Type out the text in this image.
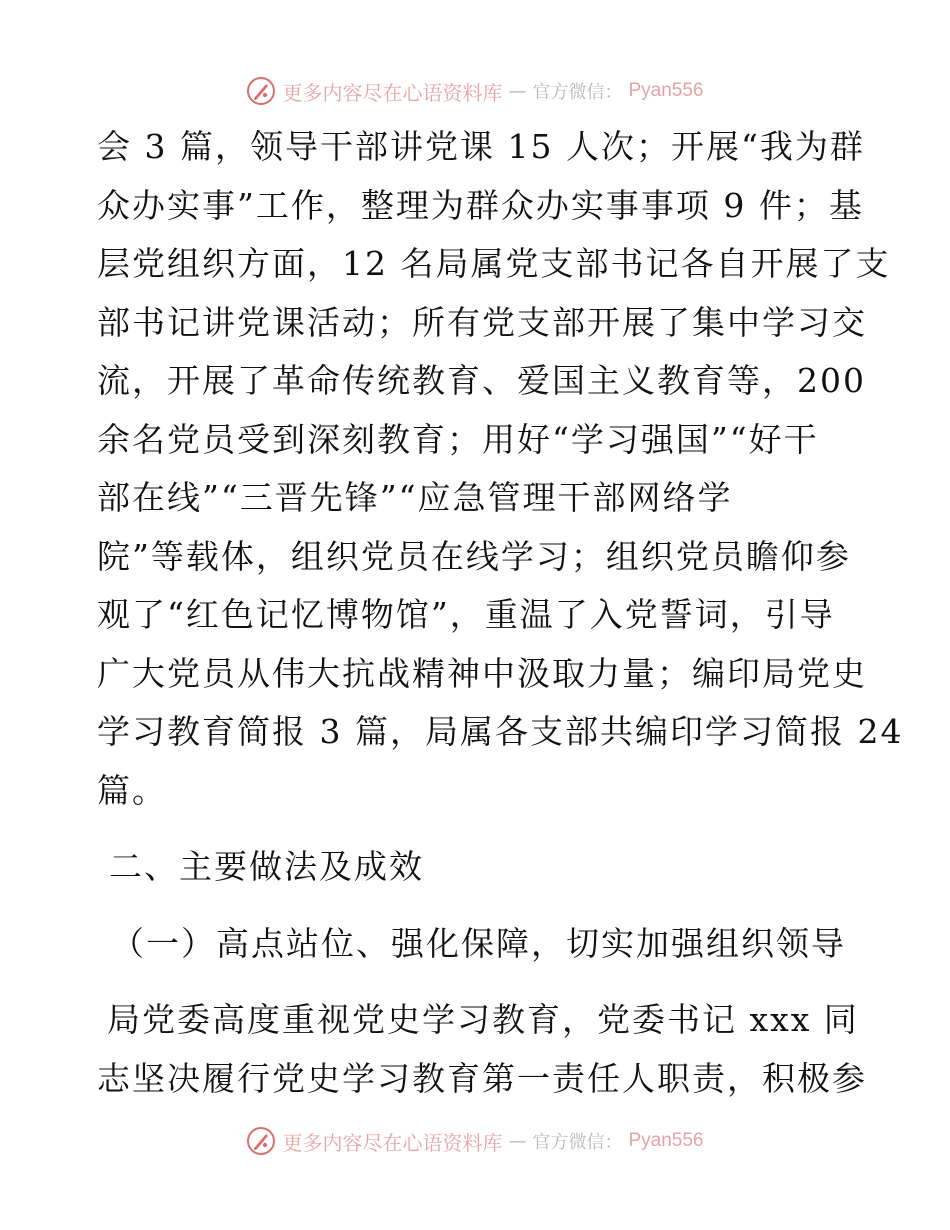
更多内容尽在心语资料库 — 官方微信： Pyan556
会 3 篇，领导干部讲党课 15 人次；开展“我为群
众办实事”工作，整理为群众办实事事项 9 件；基
层党组织方面，12 名局属党支部书记各自开展了支
部书记讲党课活动；所有党支部开展了集中学习交
流，开展了革命传统教育、爱国主义教育等，200
余名党员受到深刻教育；用好“学习强国”“好干
部在线”“三晋先锋”“应急管理干部网络学
院”等载体，组织党员在线学习；组织党员瞻仰参
观了“红色记忆博物馆”，重温了入党誓词，引导
广大党员从伟大抗战精神中汲取力量；编印局党史
学习教育简报 3 篇，局属各支部共编印学习简报 24
篇。
二、主要做法及成效
（一）高点站位、强化保障，切实加强组织领导
局党委高度重视党史学习教育，党委书记 xxx 同
志坚决履行党史学习教育第一责任人职责，积极参
更多内容尽在心语资料库 — 官方微信： Pyan556
